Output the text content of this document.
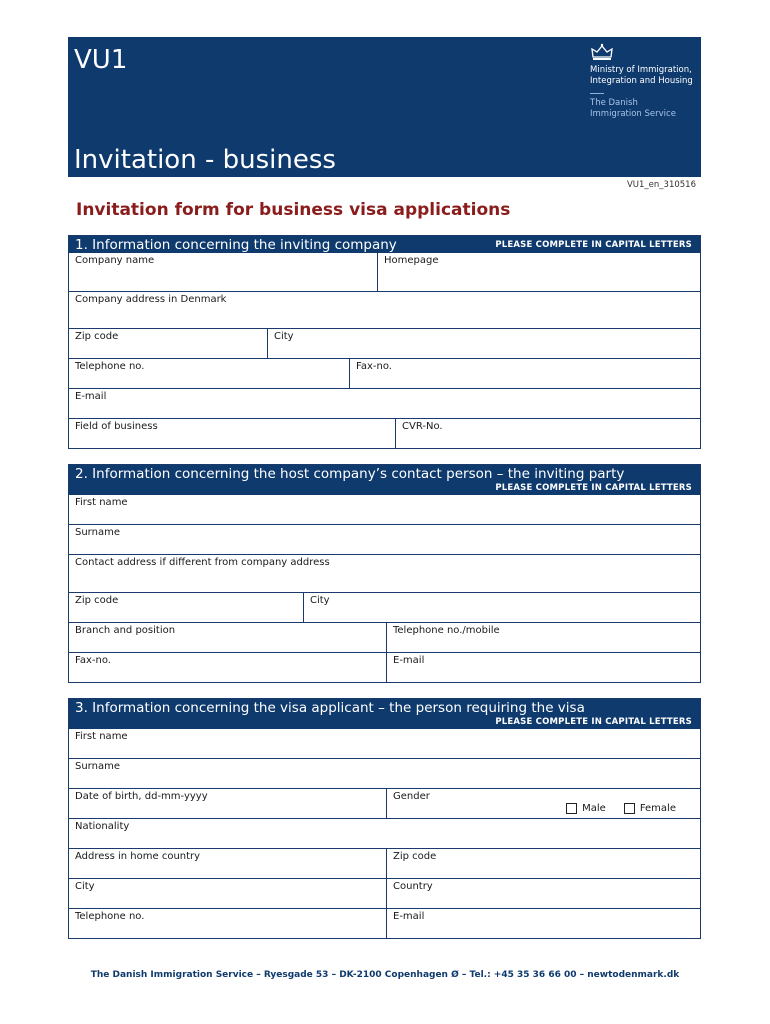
VU1
Invitation - business
Ministry of Immigration,
Integration and Housing
The Danish
Immigration Service
VU1_en_310516
Invitation form for business visa applications
1. Information concerning the inviting company	PLEASE COMPLETE IN CAPITAL LETTERS
Company name	Homepage
Company address in Denmark
Zip code	City
Telephone no.	Fax-no.
E-mail
Field of business	CVR-No.
2. Information concerning the host company’s contact person – the inviting party
PLEASE COMPLETE IN CAPITAL LETTERS
First name
Surname
Contact address if different from company address
Zip code	City
Branch and position	Telephone no./mobile
Fax-no.	E-mail
3. Information concerning the visa applicant – the person requiring the visa
PLEASE COMPLETE IN CAPITAL LETTERS
First name
Surname
Date of birth, dd-mm-yyyy	Gender
Male	Female
Nationality
Address in home country	Zip code
City	Country
Telephone no.	E-mail
The Danish Immigration Service – Ryesgade 53 – DK-2100 Copenhagen Ø – Tel.: +45 35 36 66 00 – newtodenmark.dk
